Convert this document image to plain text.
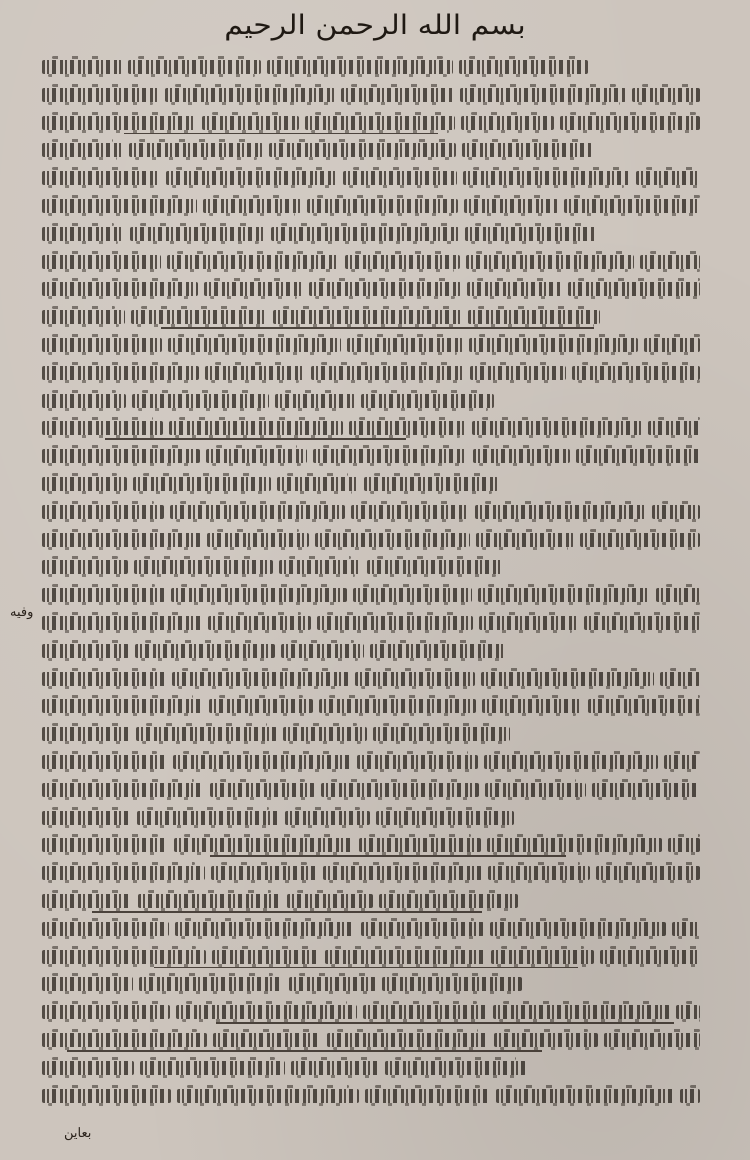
بسم الله الرحمن الرحيم
وفيه
بعاين
